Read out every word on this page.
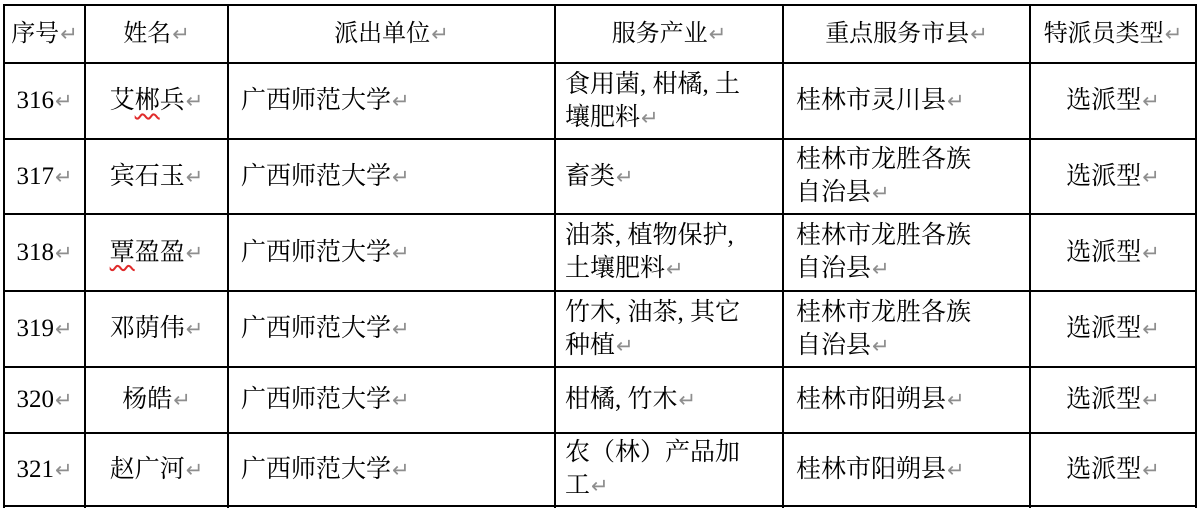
序号↵	姓名↵	派出单位↵	服务产业↵	重点服务市县↵	特派员类型↵
316↵	艾郴兵↵	广西师范大学↵	食用菌, 柑橘, 土壤肥料↵	桂林市灵川县↵	选派型↵
317↵	宾石玉↵	广西师范大学↵	畜类↵	桂林市龙胜各族自治县↵	选派型↵
318↵	覃盈盈↵	广西师范大学↵	油茶, 植物保护, 土壤肥料↵	桂林市龙胜各族自治县↵	选派型↵
319↵	邓荫伟↵	广西师范大学↵	竹木, 油茶, 其它种植↵	桂林市龙胜各族自治县↵	选派型↵
320↵	杨皓↵	广西师范大学↵	柑橘, 竹木↵	桂林市阳朔县↵	选派型↵
321↵	赵广河↵	广西师范大学↵	农（林）产品加工↵	桂林市阳朔县↵	选派型↵
